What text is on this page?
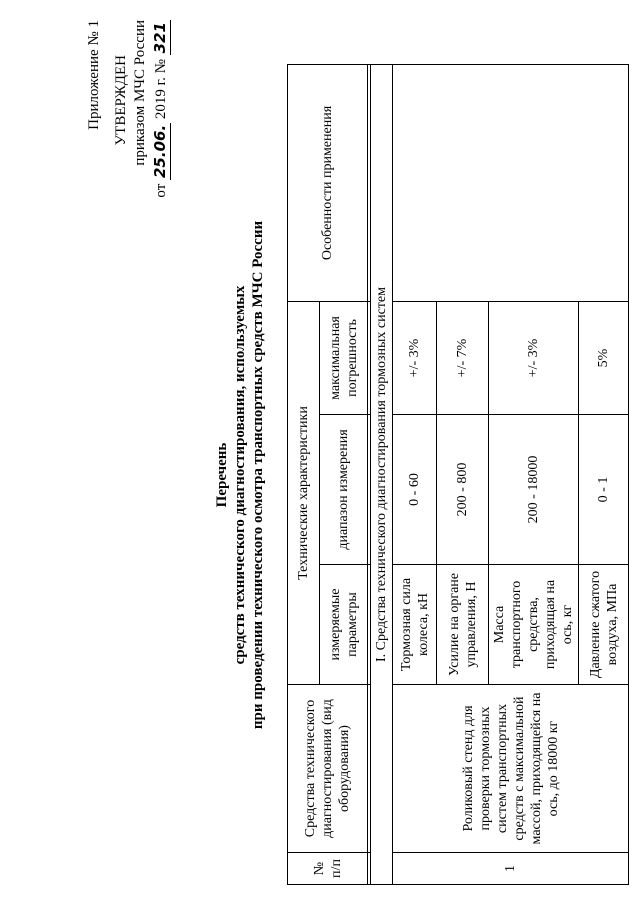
Приложение № 1 УТВЕРЖДЕН приказом МЧС России
от 25.06. 2019 г. № 321
Перечень средств технического диагностирования, используемых при проведении технического осмотра транспортных средств МЧС России
№ п/п	Средства технического диагностирования (вид оборудования)	Технические характеристики			Особенности применения
		измеряемые параметры	диапазон измерения	максимальная погрешность	

I. Средства технического диагностирования тормозных систем					
1	Роликовый стенд для проверки тормозных систем транспортных средств с максимальной массой, приходящейся на ось, до 18000 кг	Тормозная сила колеса, кН	0 - 60	+/- 3%	
		Усилие на органе управления, Н	200 - 800	+/- 7%	
		Масса транспортного средства, приходящая на ось, кг	200 - 18000	+/- 3%	
		Давление сжатого воздуха, МПа	0 - 1	5%	
